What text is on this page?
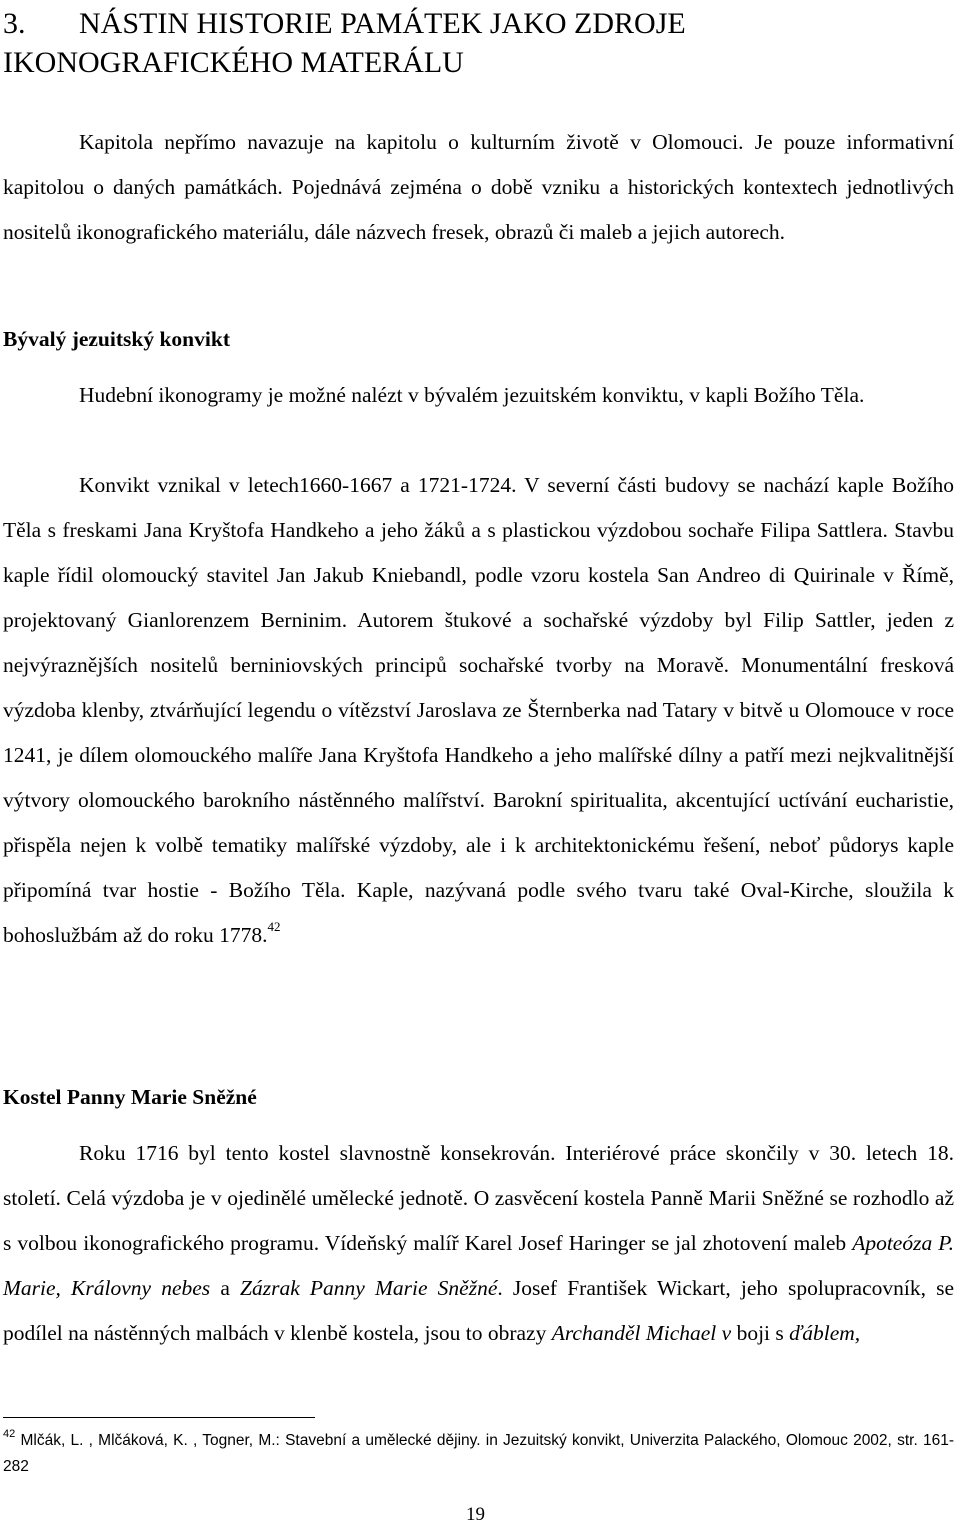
3. NÁSTIN HISTORIE PAMÁTEK JAKO ZDROJE
IKONOGRAFICKÉHO MATERÁLU

Kapitola nepřímo navazuje na kapitolu o kulturním životě v Olomouci. Je pouze informativní kapitolou o daných památkách. Pojednává zejména o době vzniku a historických kontextech jednotlivých nositelů ikonografického materiálu, dále názvech fresek, obrazů či maleb a jejich autorech.

Bývalý jezuitský konvikt

Hudební ikonogramy je možné nalézt v bývalém jezuitském konviktu, v kapli Božího Těla.

Konvikt vznikal v letech1660-1667 a 1721-1724. V severní části budovy se nachází kaple Božího Těla s freskami Jana Kryštofa Handkeho a jeho žáků a s plastickou výzdobou sochaře Filipa Sattlera. Stavbu kaple řídil olomoucký stavitel Jan Jakub Kniebandl, podle vzoru kostela San Andreo di Quirinale v Římě, projektovaný Gianlorenzem Berninim. Autorem štukové a sochařské výzdoby byl Filip Sattler, jeden z nejvýraznějších nositelů berniniovských principů sochařské tvorby na Moravě. Monumentální fresková výzdoba klenby, ztvárňující legendu o vítězství Jaroslava ze Šternberka nad Tatary v bitvě u Olomouce v roce 1241, je dílem olomouckého malíře Jana Kryštofa Handkeho a jeho malířské dílny a patří mezi nejkvalitnější výtvory olomouckého barokního nástěnného malířství. Barokní spiritualita, akcentující uctívání eucharistie, přispěla nejen k volbě tematiky malířské výzdoby, ale i k architektonickému řešení, neboť půdorys kaple připomíná tvar hostie - Božího Těla. Kaple, nazývaná podle svého tvaru také Oval-Kirche, sloužila k bohoslužbám až do roku 1778.42

Kostel Panny Marie Sněžné

Roku 1716 byl tento kostel slavnostně konsekrován. Interiérové práce skončily v 30. letech 18. století. Celá výzdoba je v ojedinělé umělecké jednotě. O zasvěcení kostela Panně Marii Sněžné se rozhodlo až s volbou ikonografického programu. Vídeňský malíř Karel Josef Haringer se jal zhotovení maleb Apoteóza P. Marie, Královny nebes a Zázrak Panny Marie Sněžné. Josef František Wickart, jeho spolupracovník, se podílel na nástěnných malbách v klenbě kostela, jsou to obrazy Archanděl Michael v boji s ďáblem,

$^{42}$ Mlčák, L. , Mlčáková, K. , Togner, M.: Stavební a umělecké dějiny. in Jezuitský konvikt, Univerzita Palackého, Olomouc 2002, str. 161-282

19
